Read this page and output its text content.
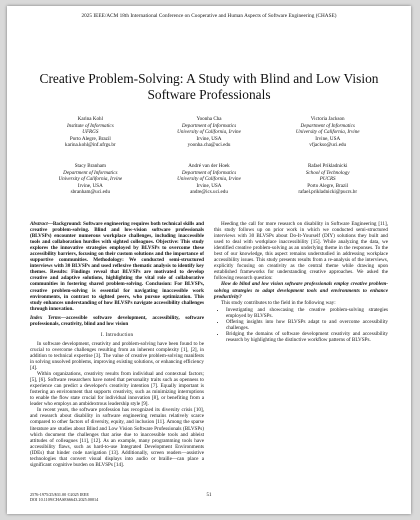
2025 IEEE/ACM 18th International Conference on Cooperative and Human Aspects of Software Engineering (CHASE)
Creative Problem-Solving: A Study with Blind and Low Vision Software Professionals
Karina Kohl
Institute of Informatics
UFRGS
Porto Alegre, Brazil
karina.kohl@inf.ufrgs.br
Yoonha Cha
Department of Informatics
University of California, Irvine
Irvine, USA
yoonha.cha@uci.edu
Victoria Jackson
Department of Informatics
University of California, Irvine
Irvine, USA
vfjackso@uci.edu
Stacy Branham
Department of Informatics
University of California, Irvine
Irvine, USA
sbranham@uci.edu
André van der Hoek
Department of Informatics
University of California, Irvine
Irvine, USA
andre@ics.uci.edu
Rafael Prikladnicki
School of Technology
PUCRS
Porto Alegre, Brazil
rafael.prikladnicki@pucrs.br
Abstract—Background: Software engineering requires both technical skills and creative problem-solving. Blind and low-vision software professionals (BLVSPs) encounter numerous workplace challenges, including inaccessible tools and collaboration hurdles with sighted colleagues. Objective: This study explores the innovative strategies employed by BLVSPs to overcome these accessibility barriers, focusing on their custom solutions and the importance of supportive communities. Methodology: We conducted semi-structured interviews with 30 BLVSPs and used reflexive thematic analysis to identify key themes. Results: Findings reveal that BLVSPs are motivated to develop creative and adaptive solutions, highlighting the vital role of collaborative communities in fostering shared problem-solving. Conclusion: For BLVSPs, creative problem-solving is essential for navigating inaccessible work environments, in contrast to sighted peers, who pursue optimization. This study enhances understanding of how BLVSPs navigate accessibility challenges through innovation.
Index Terms—accessible software development, accessibility, software professionals, creativity, blind and low vision
I. Introduction

In software development, creativity and problem-solving have been found to be crucial to overcome challenges resulting from an inherent complexity [1], [2], in addition to technical expertise [3]. The value of creative problem-solving manifests in solving unsolved problems, improving existing solutions, or enhancing efficiency [4].

Within organizations, creativity results from individual and contextual factors; [5], [6]. Software researchers have noted that personality traits such as openness to experience can predict a developer's creativity intention [7]. Equally important is fostering an environment that supports creativity, such as minimizing interruptions to enable the flow state crucial for individual innovation [8], or benefiting from a leader who employs an ambidextrous leadership style [9].

In recent years, the software profession has recognized its diversity crisis [10], and research about disability in software engineering remains relatively scarce compared to other factors of diversity, equity, and inclusion [11]. Among the sparse literature are studies about Blind and Low Vision Software Professionals (BLVSPs) which document the challenges that arise due to inaccessible tools and ableist attitudes of colleagues [11], [12]. As an example, many programming tools have accessibility flaws, such as hard-to-use Integrated Development Environments (IDEs) that hinder code navigation [13]. Additionally, screen readers—assistive technologies that convert visual displays into audio or braille—can place a significant cognitive burden on BLVSPs [14].

Heeding the call for more research on disability in Software Engineering [11], this study follows up on prior work in which we conducted semi-structured interviews with 30 BLVSPs about Do-It-Yourself (DIY) solutions they built and used to deal with workplace inaccessibility [15]. While analyzing the data, we identified creative problem-solving as an underlying theme in the responses. To the best of our knowledge, this aspect remains understudied in addressing workplace accessibility issues. This study presents results from a re-analysis of the interviews, explicitly focusing on creativity as the central theme while drawing upon established frameworks for understanding creative approaches. We asked the following research question:

How do blind and low vision software professionals employ creative problem-solving strategies to adapt development tools and environments to enhance productivity?

This study contributes to the field in the following way:

• Investigating and showcasing the creative problem-solving strategies employed by BLVSPs.
• Offering insights into how BLVSPs adapt to and overcome accessibility challenges.
• Bridging the domains of software development creativity and accessibility research by highlighting the distinctive workflow patterns of BLVSPs.
2576-1975/25/$31.00 ©2025 IEEE
DOI 10.1109/CHASE66643.2025.00014
51
